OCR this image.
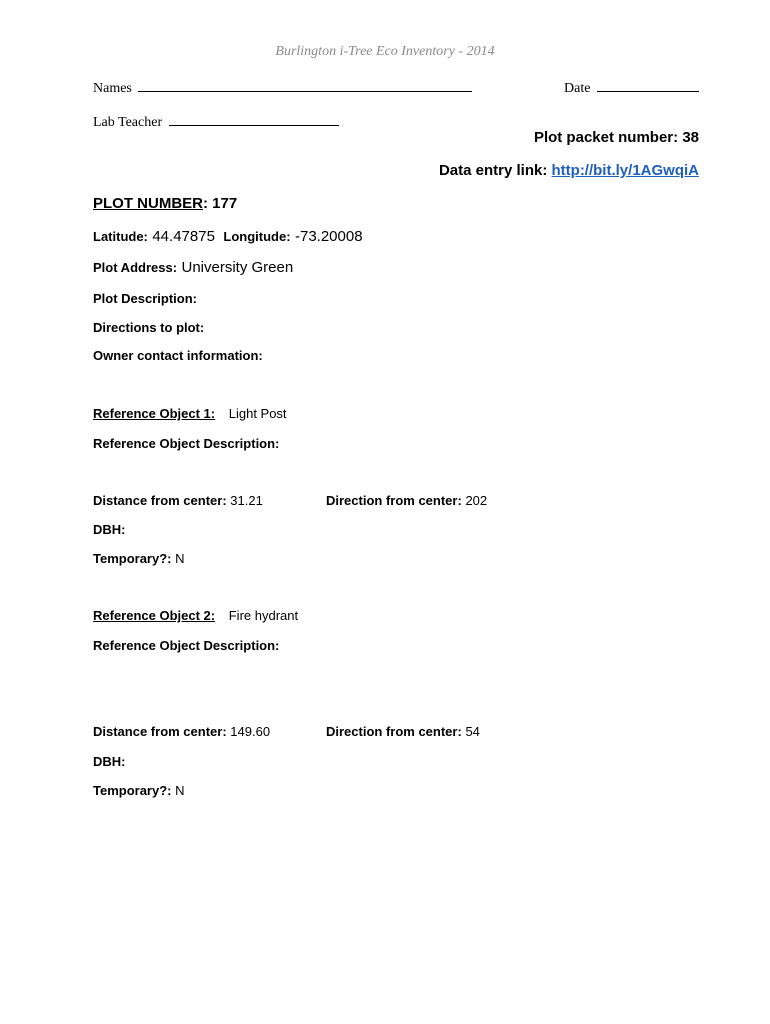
Burlington i-Tree Eco Inventory - 2014
Names	Date
Lab Teacher
Plot packet number: 38
Data entry link: http://bit.ly/1AGwqiA
PLOT NUMBER: 177
Latitude: 44.47875 Longitude: -73.20008
Plot Address: University Green
Plot Description:
Directions to plot:
Owner contact information:
Reference Object 1: Light Post
Reference Object Description:
Distance from center: 31.21	Direction from center: 202
DBH:
Temporary?: N
Reference Object 2: Fire hydrant
Reference Object Description:
Distance from center: 149.60	Direction from center: 54
DBH:
Temporary?: N
